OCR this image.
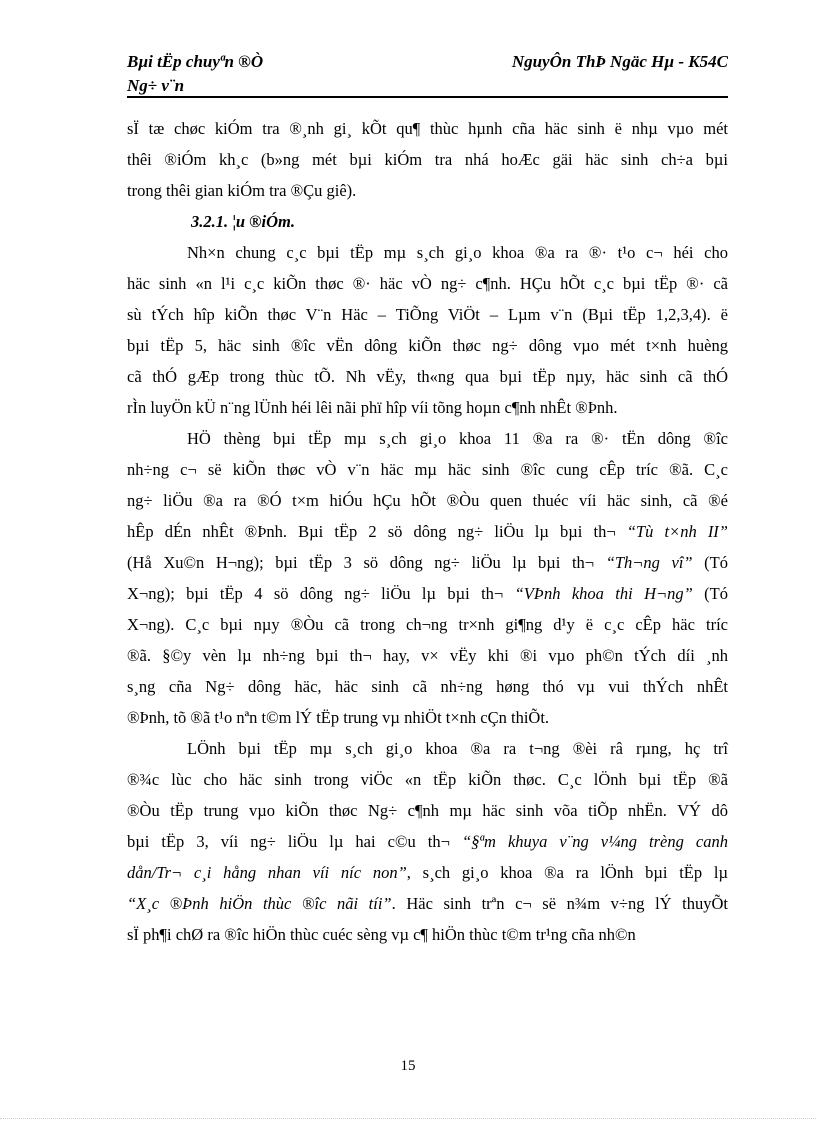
Bµi tËp chuyªn ®Ò
Ng÷ v¨n
NguyÔn ThÞ Ngäc Hµ - K54C
sÏ tæ chøc kiÓm tra ®¸nh gi¸ kÕt qu¶ thùc hµnh cña häc sinh ë nhµ vµo mét
thêi ®iÓm kh¸c (b»ng mét bµi kiÓm tra nhá hoÆc gäi häc sinh ch÷a bµi
trong thêi gian kiÓm tra ®Çu giê).
3.2.1. ¦u ®iÓm.
Nh×n chung c¸c bµi tËp mµ s¸ch gi¸o khoa ®a ra ®· t¹o c¬ héi cho
häc sinh «n l¹i c¸c kiÕn thøc ®· häc vÒ ng÷ c¶nh. HÇu hÕt c¸c bµi tËp ®· cã
sù tÝch hîp kiÕn thøc V¨n Häc – TiÕng ViÖt – Lµm v¨n (Bµi tËp 1,2,3,4). ë
bµi tËp 5, häc sinh ®îc vËn dông kiÕn thøc ng÷ dông vµo mét t×nh huèng
cã thÓ gÆp trong thùc tÕ. Nh vËy, th«ng qua bµi tËp nµy, häc sinh cã thÓ
rÌn luyÖn kÜ n¨ng lÜnh héi lêi nãi phï hîp víi tõng hoµn c¶nh nhÊt ®Þnh.
HÖ thèng bµi tËp mµ s¸ch gi¸o khoa 11 ®a ra ®· tËn dông ®îc
nh÷ng c¬ së kiÕn thøc vÒ v¨n häc mµ häc sinh ®îc cung cÊp tríc ®ã. C¸c
ng÷ liÖu ®a ra ®Ó t×m hiÓu hÇu hÕt ®Òu quen thuéc víi häc sinh, cã ®é
hÊp dÉn nhÊt ®Þnh. Bµi tËp 2 sö dông ng÷ liÖu lµ bµi th¬ “Tù t×nh II”
(Hå Xu©n H¬ng); bµi tËp 3 sö dông ng÷ liÖu lµ bµi th¬ “Th¬ng vî” (Tó
X¬ng); bµi tËp 4 sö dông ng÷ liÖu lµ bµi th¬ “VÞnh khoa thi H¬ng” (Tó
X¬ng). C¸c bµi nµy ®Òu cã trong ch¬ng tr×nh gi¶ng d¹y ë c¸c cÊp häc tríc
®ã. §©y vèn lµ nh÷ng bµi th¬ hay, v× vËy khi ®i vµo ph©n tÝch díi ¸nh
s¸ng cña Ng÷ dông häc, häc sinh cã nh÷ng høng thó vµ vui thÝch nhÊt
®Þnh, tõ ®ã t¹o nªn t©m lÝ tËp trung vµ nhiÖt t×nh cÇn thiÕt.
LÖnh bµi tËp mµ s¸ch gi¸o khoa ®a ra t¬ng ®èi râ rµng, hç trî
®¾c lùc cho häc sinh trong viÖc «n tËp kiÕn thøc. C¸c lÖnh bµi tËp ®ã
®Òu tËp trung vµo kiÕn thøc Ng÷ c¶nh mµ häc sinh võa tiÕp nhËn. VÝ dô
bµi tËp 3, víi ng÷ liÖu lµ hai c©u th¬ “§ªm khuya v¨ng v¼ng trèng canh
dån/Tr¬ c¸i hång nhan víi níc non”, s¸ch gi¸o khoa ®a ra lÖnh bµi tËp lµ
“X¸c ®Þnh hiÖn thùc ®îc nãi tíi”. Häc sinh trªn c¬ së n¾m v÷ng lÝ thuyÕt
sÏ ph¶i chØ ra ®îc hiÖn thùc cuéc sèng vµ c¶ hiÖn thùc t©m tr¹ng cña nh©n
15
